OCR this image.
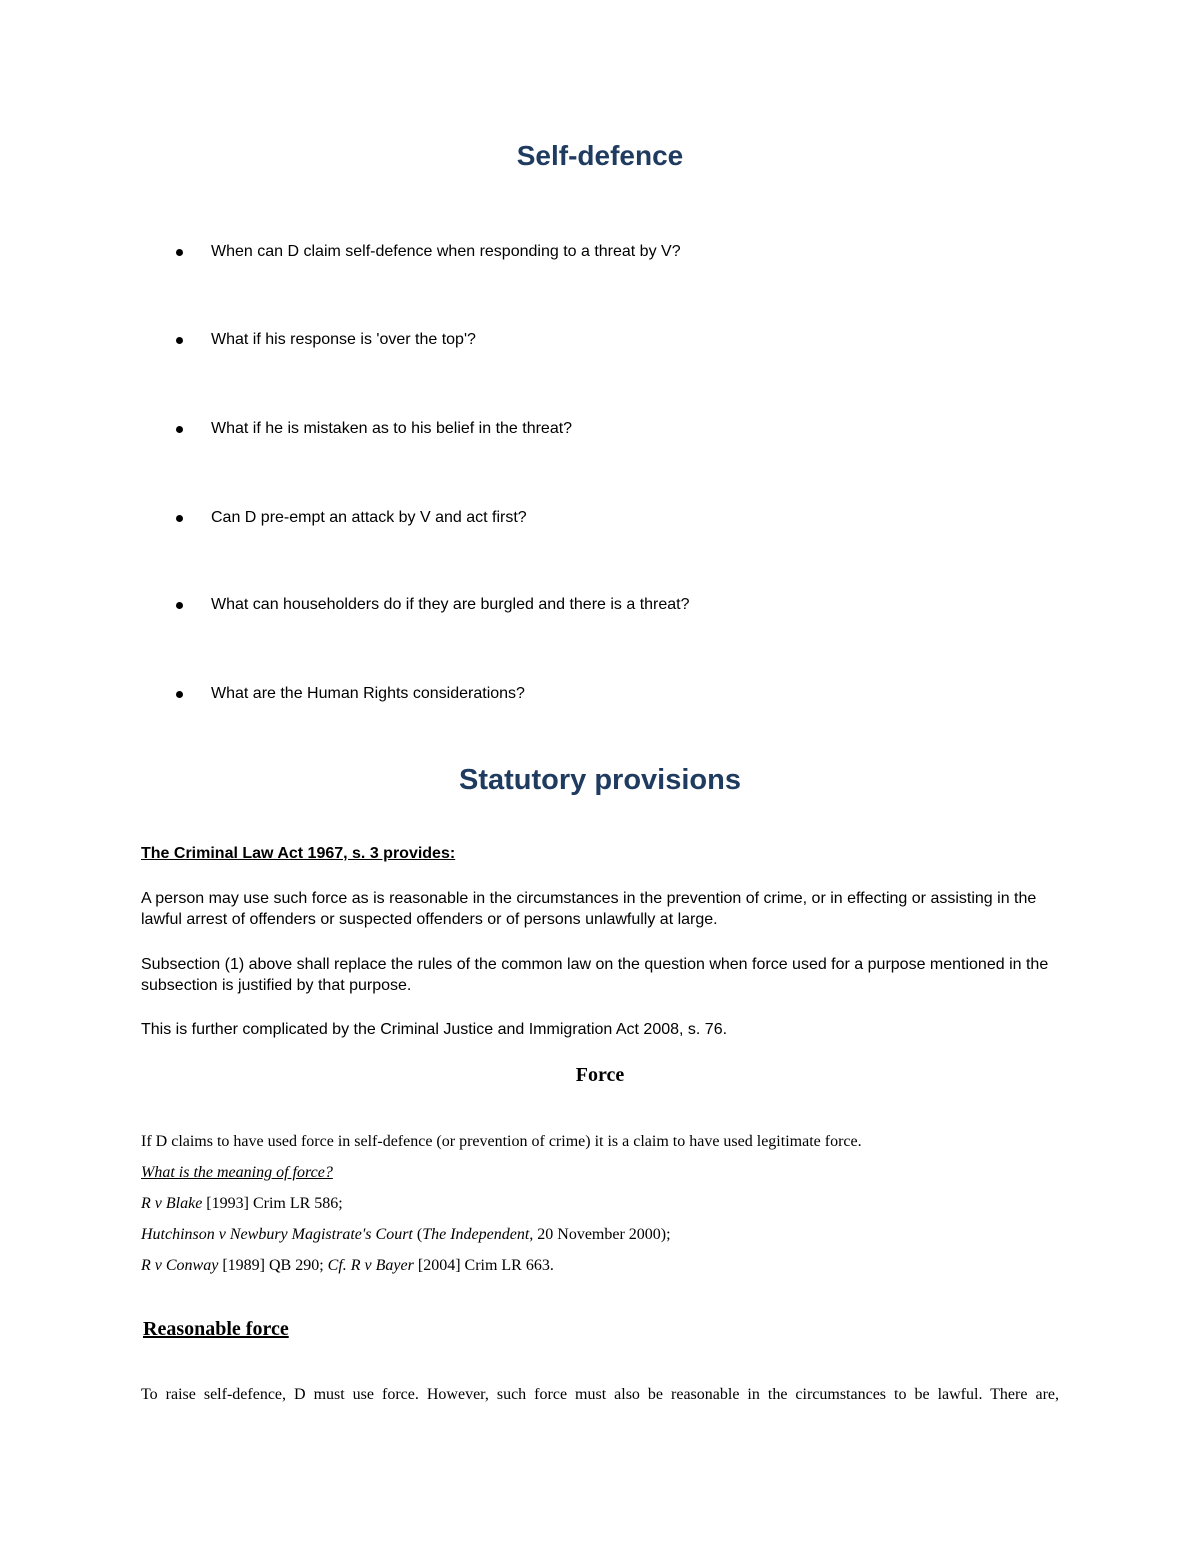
Self-defence
When can D claim self-defence when responding to a threat by V?
What if his response is 'over the top'?
What if he is mistaken as to his belief in the threat?
Can D pre-empt an attack by V and act first?
What can householders do if they are burgled and there is a threat?
What are the Human Rights considerations?
Statutory provisions
The Criminal Law Act 1967, s. 3 provides:
A person may use such force as is reasonable in the circumstances in the prevention of crime, or in effecting or assisting in the lawful arrest of offenders or suspected offenders or of persons unlawfully at large.
Subsection (1) above shall replace the rules of the common law on the question when force used for a purpose mentioned in the subsection is justified by that purpose.
This is further complicated by the Criminal Justice and Immigration Act 2008, s. 76.
Force
If D claims to have used force in self-defence (or prevention of crime) it is a claim to have used legitimate force.
What is the meaning of force?
R v Blake [1993] Crim LR 586;
Hutchinson v Newbury Magistrate's Court (The Independent, 20 November 2000);
R v Conway [1989] QB 290; Cf. R v Bayer [2004] Crim LR 663.
Reasonable force
To raise self-defence, D must use force. However, such force must also be reasonable in the circumstances to be lawful. There are,
